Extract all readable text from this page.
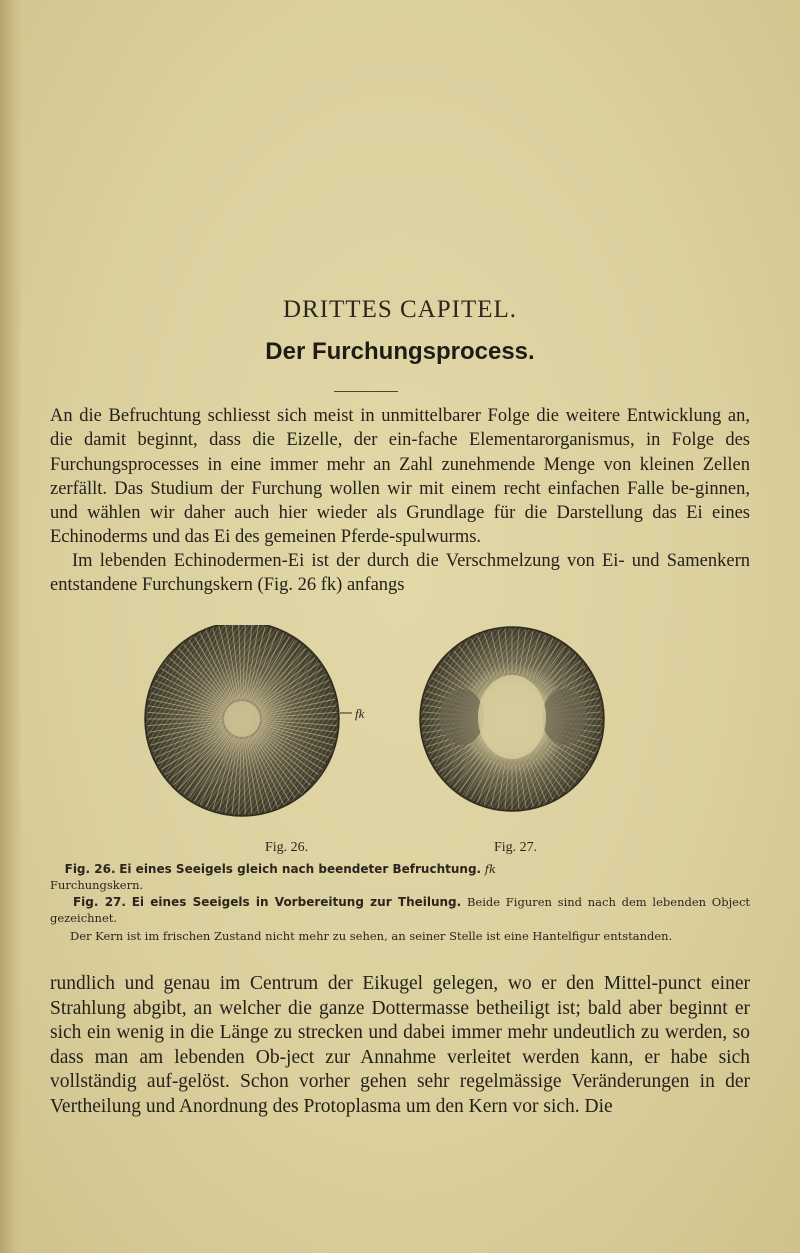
DRITTES CAPITEL.
Der Furchungsprocess.

An die Befruchtung schliesst sich meist in unmittelbarer Folge die weitere Entwicklung an, die damit beginnt, dass die Eizelle, der ein-fache Elementarorganismus, in Folge des Furchungsprocesses in eine immer mehr an Zahl zunehmende Menge von kleinen Zellen zerfällt. Das Studium der Furchung wollen wir mit einem recht einfachen Falle be-ginnen, und wählen wir daher auch hier wieder als Grundlage für die Darstellung das Ei eines Echinoderms und das Ei des gemeinen Pferde-spulwurms.

Im lebenden Echinodermen-Ei ist der durch die Verschmelzung von Ei- und Samenkern entstandene Furchungskern (Fig. 26 fk) anfangs

fk
Fig. 26.	Fig. 27.
Fig. 26. Ei eines Seeigels gleich nach beendeter Befruchtung. fk
Furchungskern.
Fig. 27. Ei eines Seeigels in Vorbereitung zur Theilung. Beide Figuren sind nach dem lebenden Object gezeichnet.
Der Kern ist im frischen Zustand nicht mehr zu sehen, an seiner Stelle ist eine Hantelfigur entstanden.

rundlich und genau im Centrum der Eikugel gelegen, wo er den Mittel-punct einer Strahlung abgibt, an welcher die ganze Dottermasse betheiligt ist; bald aber beginnt er sich ein wenig in die Länge zu strecken und dabei immer mehr undeutlich zu werden, so dass man am lebenden Ob-ject zur Annahme verleitet werden kann, er habe sich vollständig auf-gelöst. Schon vorher gehen sehr regelmässige Veränderungen in der Vertheilung und Anordnung des Protoplasma um den Kern vor sich. Die
